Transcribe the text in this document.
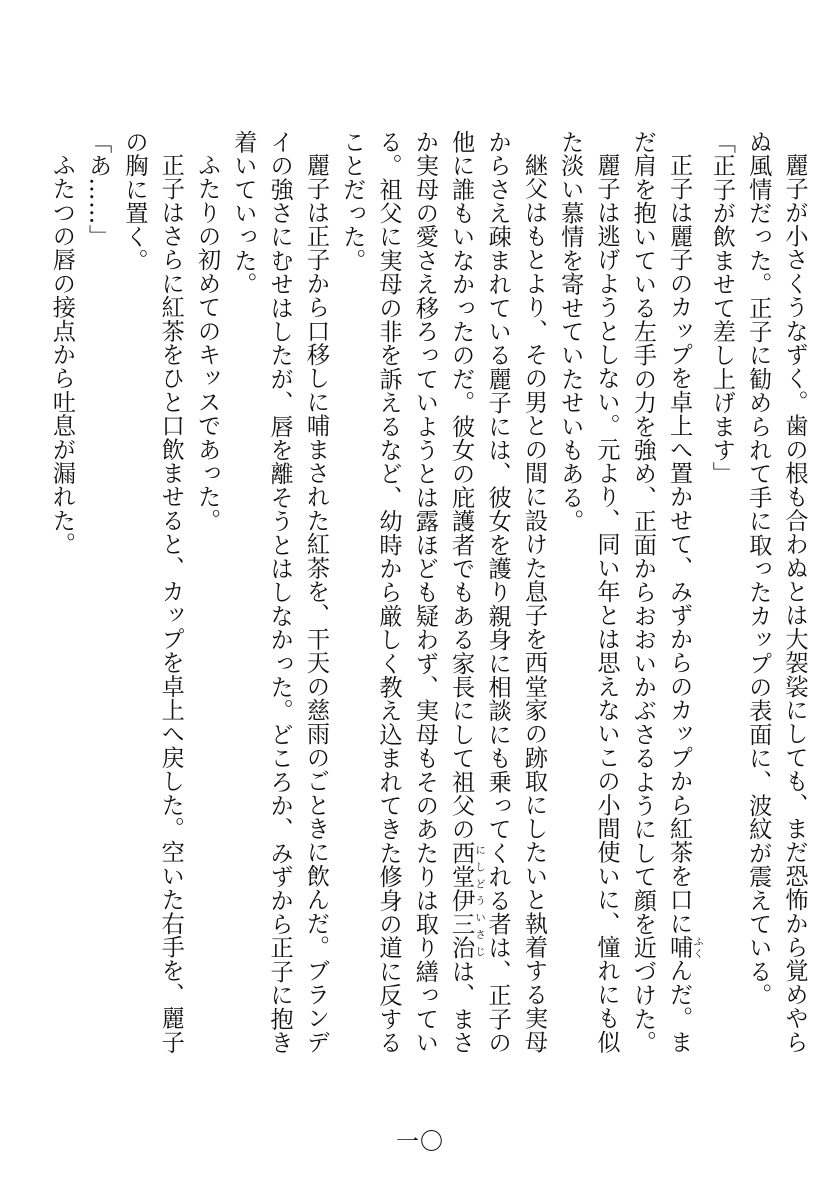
麗子が小さくうなずく。歯の根も合わぬとは大袈裟にしても、まだ恐怖から覚めやらぬ風情だった。正子に勧められて手に取ったカップの表面に、波紋が震えている。

「正子が飲ませて差し上げます」

正子は麗子のカップを卓上へ置かせて、みずからのカップから紅茶を口に哺ふくんだ。まだ肩を抱いている左手の力を強め、正面からおおいかぶさるようにして顔を近づけた。

麗子は逃げようとしない。元より、同い年とは思えないこの小間使いに、憧れにも似た淡い慕情を寄せていたせいもある。

継父はもとより、その男との間に設けた息子を西堂家の跡取にしたいと執着する実母からさえ疎まれている麗子には、彼女を護り親身に相談にも乗ってくれる者は、正子の他に誰もいなかったのだ。彼女の庇護者でもある家長にして祖父の西堂伊三治にしどういさじは、まさか実母の愛さえ移ろっていようとは露ほども疑わず、実母もそのあたりは取り繕っている。祖父に実母の非を訴えるなど、幼時から厳しく教え込まれてきた修身の道に反することだった。

麗子は正子から口移しに哺まされた紅茶を、干天の慈雨のごときに飲んだ。ブランデイの強さにむせはしたが、唇を離そうとはしなかった。どころか、みずから正子に抱き着いていった。

ふたりの初めてのキッスであった。

正子はさらに紅茶をひと口飲ませると、カップを卓上へ戻した。空いた右手を、麗子の胸に置く。

「あ……」

ふたつの唇の接点から吐息が漏れた。

一〇
